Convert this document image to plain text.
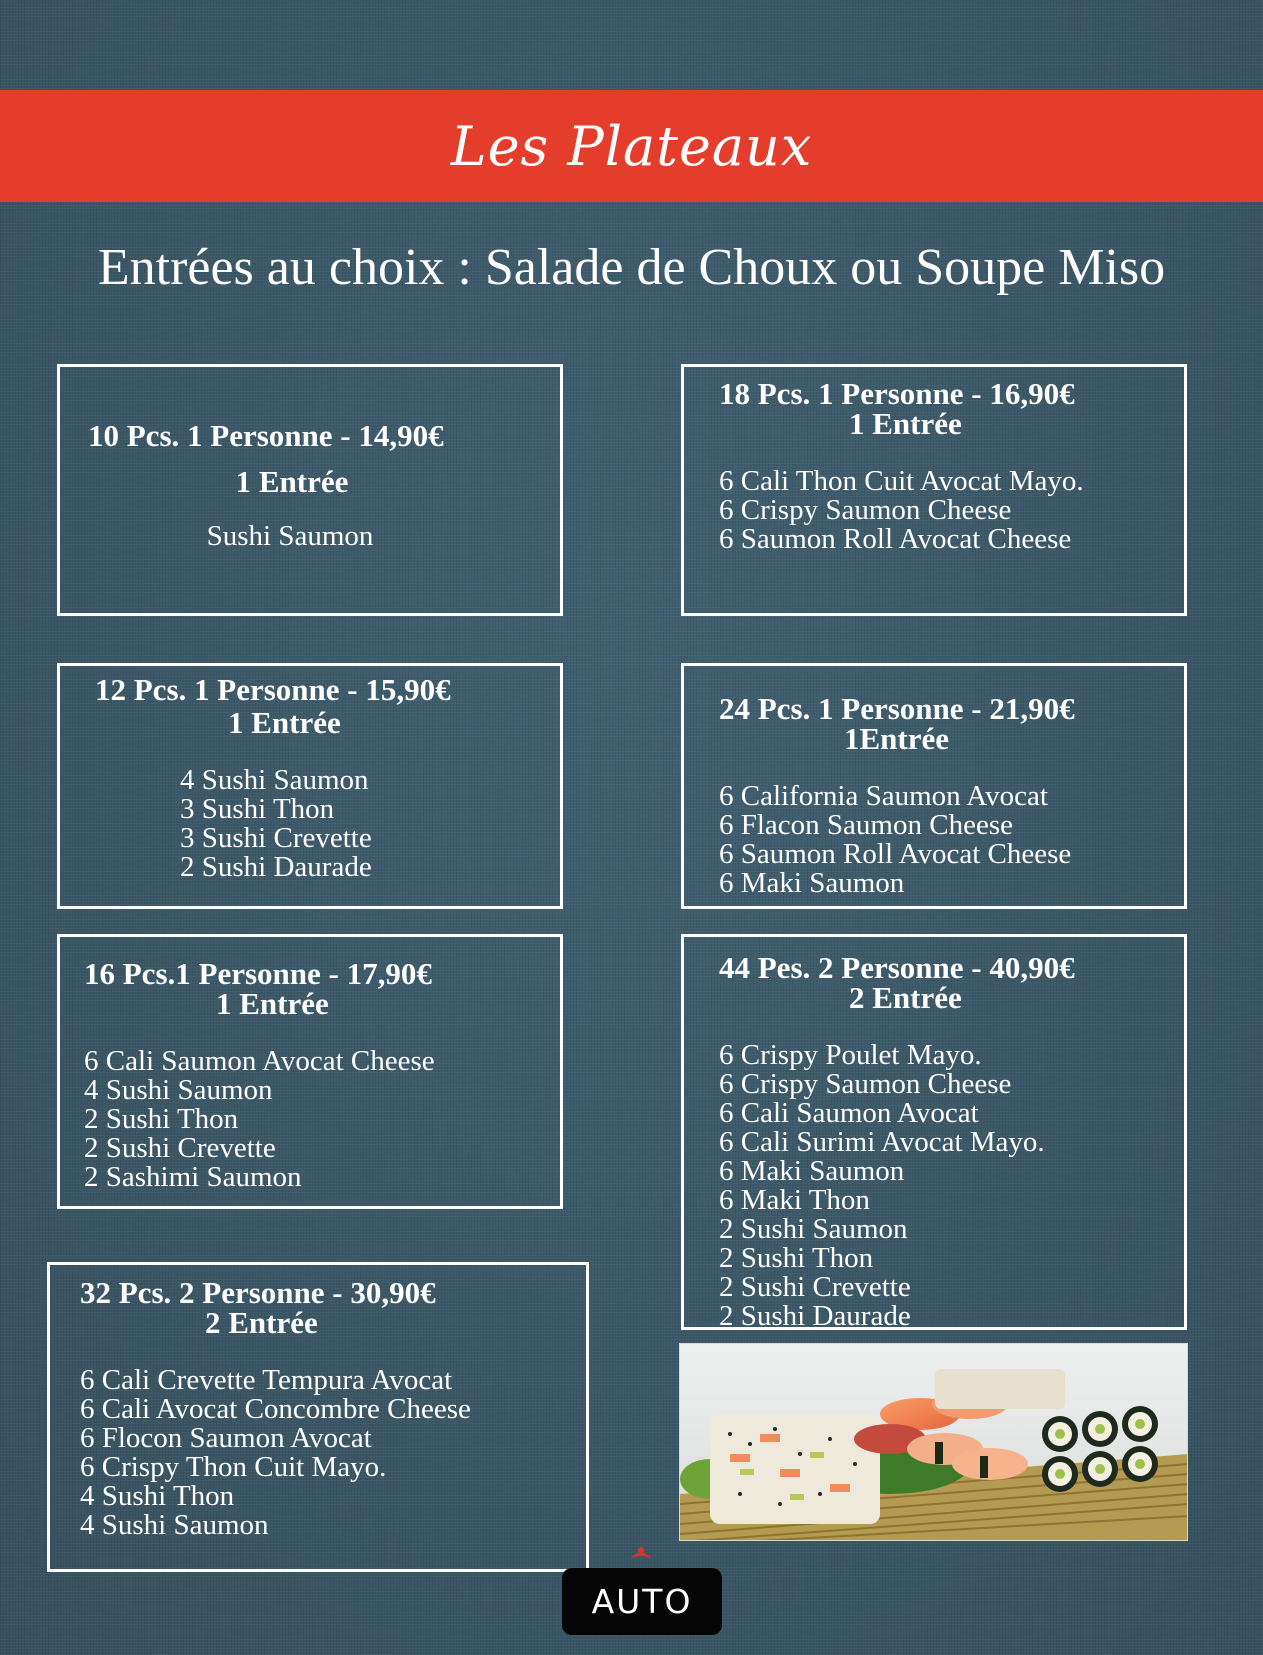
Les Plateaux
Entrées au choix : Salade de Choux ou Soupe Miso
10 Pcs. 1 Personne - 14,90€
1 Entrée
Sushi Saumon
18 Pcs. 1 Personne - 16,90€
1 Entrée
6 Cali Thon Cuit Avocat Mayo.
6 Crispy Saumon Cheese
6 Saumon Roll Avocat Cheese
12 Pcs. 1 Personne - 15,90€
1 Entrée
4 Sushi Saumon
3 Sushi Thon
3 Sushi Crevette
2 Sushi Daurade
24 Pcs. 1 Personne - 21,90€
1Entrée
6 California Saumon Avocat
6 Flacon Saumon Cheese
6 Saumon Roll Avocat Cheese
6 Maki Saumon
16 Pcs.1 Personne - 17,90€
1 Entrée
6 Cali Saumon Avocat Cheese
4 Sushi Saumon
2 Sushi Thon
2 Sushi Crevette
2 Sashimi Saumon
44 Pes. 2 Personne - 40,90€
2 Entrée
6 Crispy Poulet Mayo.
6 Crispy Saumon Cheese
6 Cali Saumon Avocat
6 Cali Surimi Avocat Mayo.
6 Maki Saumon
6 Maki Thon
2 Sushi Saumon
2 Sushi Thon
2 Sushi Crevette
2 Sushi Daurade
32 Pcs. 2 Personne - 30,90€
2 Entrée
6 Cali Crevette Tempura Avocat
6 Cali Avocat Concombre Cheese
6 Flocon Saumon Avocat
6 Crispy Thon Cuit Mayo.
4 Sushi Thon
4 Sushi Saumon
AUTO
